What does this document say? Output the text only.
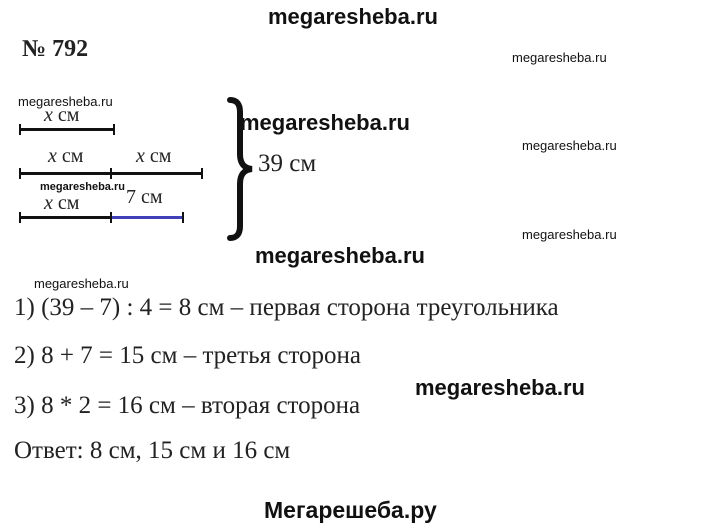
megaresheba.ru
№ 792	megaresheba.ru
megaresheba.ru
megaresheba.ru
megaresheba.ru
megaresheba.ru
megaresheba.ru
megaresheba.ru
megaresheba.ru
megaresheba.ru
x см
x см	x см
x см 7 см
39 см
1) (39 – 7) : 4 = 8 см – первая сторона треугольника
2) 8 + 7 = 15 см – третья сторона
3) 8 * 2 = 16 см – вторая сторона
Ответ: 8 см, 15 см и 16 см
Мегарешеба.ру
